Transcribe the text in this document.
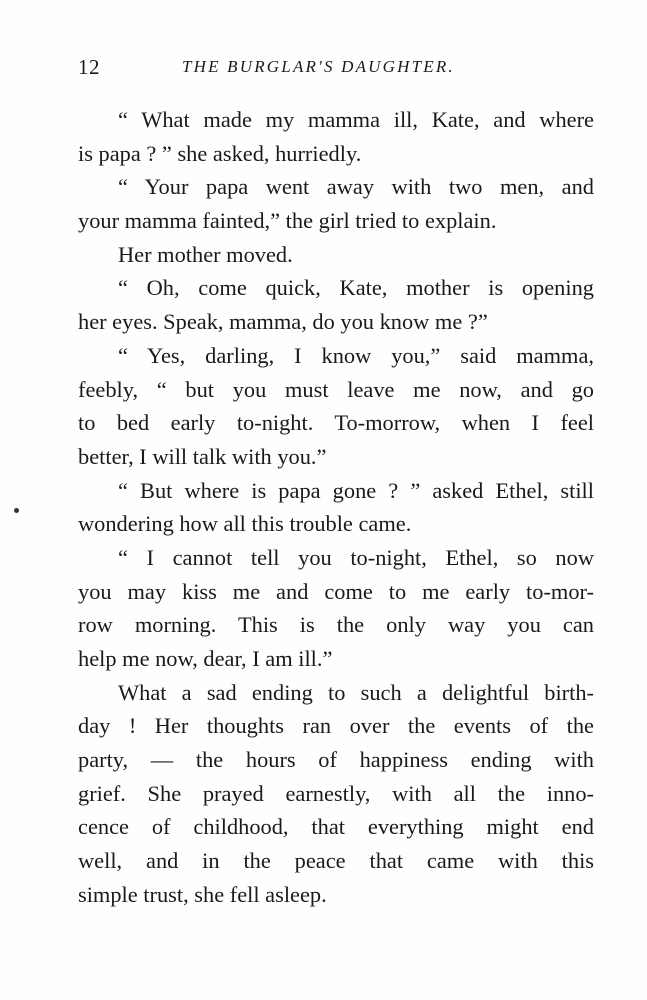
12	THE BURGLAR'S DAUGHTER.
“ What made my mamma ill, Kate, and where
is papa ? ” she asked, hurriedly.
“ Your papa went away with two men, and
your mamma fainted,” the girl tried to explain.
Her mother moved.
“ Oh, come quick, Kate, mother is opening
her eyes. Speak, mamma, do you know me ?”
“ Yes, darling, I know you,” said mamma,
feebly, “ but you must leave me now, and go
to bed early to-night. To-morrow, when I feel
better, I will talk with you.”
“ But where is papa gone ? ” asked Ethel, still
wondering how all this trouble came.
“ I cannot tell you to-night, Ethel, so now
you may kiss me and come to me early to-mor-
row morning. This is the only way you can
help me now, dear, I am ill.”
What a sad ending to such a delightful birth-
day ! Her thoughts ran over the events of the
party, — the hours of happiness ending with
grief. She prayed earnestly, with all the inno-
cence of childhood, that everything might end
well, and in the peace that came with this
simple trust, she fell asleep.
